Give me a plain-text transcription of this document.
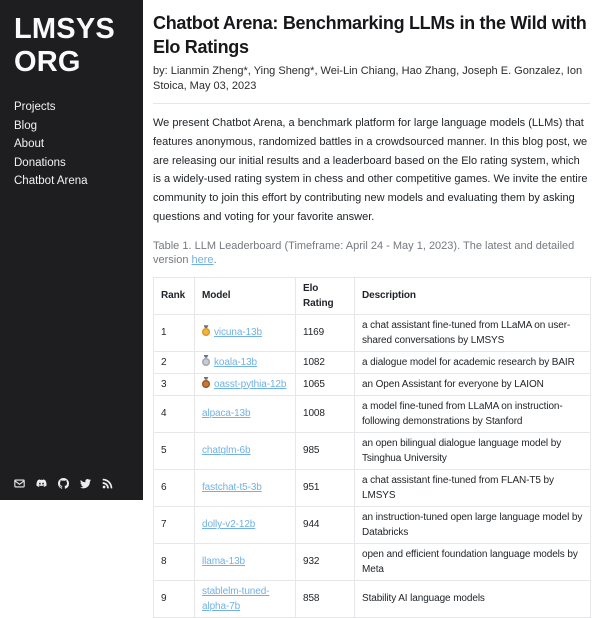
LMSYS
ORG
Projects
Blog
About
Donations
Chatbot Arena
Chatbot Arena: Benchmarking LLMs in the Wild with Elo Ratings

by: Lianmin Zheng*, Ying Sheng*, Wei-Lin Chiang, Hao Zhang, Joseph E. Gonzalez, Ion Stoica, May 03, 2023

We present Chatbot Arena, a benchmark platform for large language models (LLMs) that features anonymous, randomized battles in a crowdsourced manner. In this blog post, we are releasing our initial results and a leaderboard based on the Elo rating system, which is a widely-used rating system in chess and other competitive games. We invite the entire community to join this effort by contributing new models and evaluating them by asking questions and voting for your favorite answer.

Table 1. LLM Leaderboard (Timeframe: April 24 - May 1, 2023). The latest and detailed version here.

Rank	Model	Elo Rating	Description
1	vicuna-13b	1169	a chat assistant fine-tuned from LLaMA on user-shared conversations by LMSYS
2	koala-13b	1082	a dialogue model for academic research by BAIR
3	oasst-pythia-12b	1065	an Open Assistant for everyone by LAION
4	alpaca-13b	1008	a model fine-tuned from LLaMA on instruction-following demonstrations by Stanford
5	chatglm-6b	985	an open bilingual dialogue language model by Tsinghua University
6	fastchat-t5-3b	951	a chat assistant fine-tuned from FLAN-T5 by LMSYS
7	dolly-v2-12b	944	an instruction-tuned open large language model by Databricks
8	llama-13b	932	open and efficient foundation language models by Meta
9	stablelm-tuned-alpha-7b	858	Stability AI language models
